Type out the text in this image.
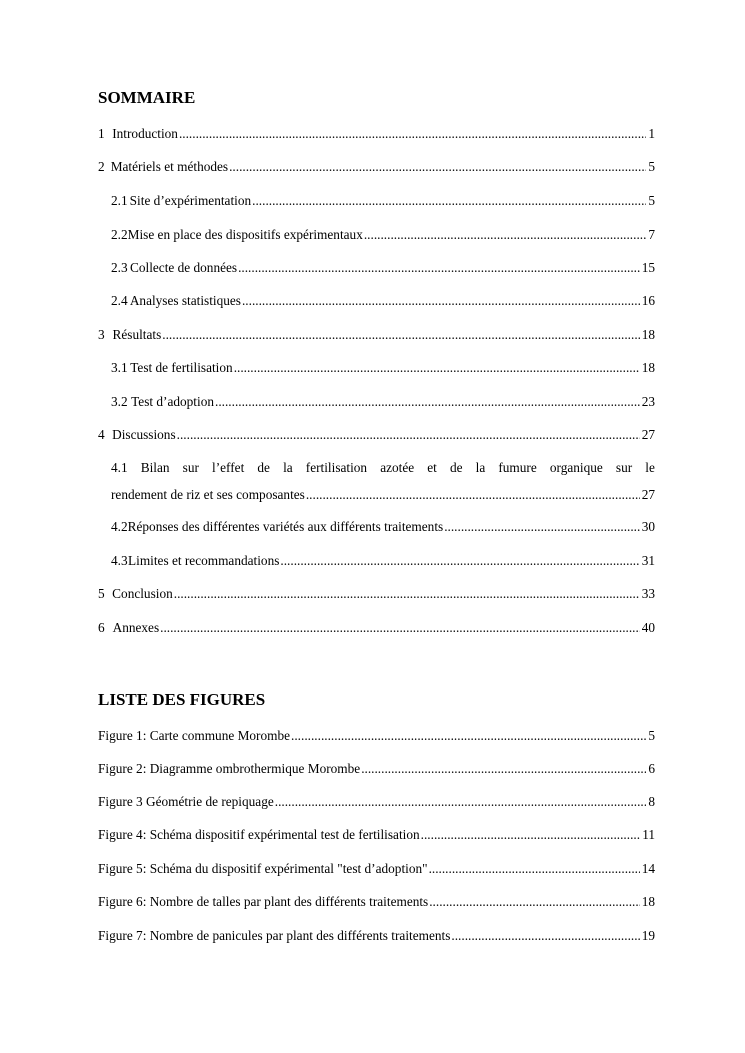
SOMMAIRE
1 Introduction .....	1
2 Matériels et méthodes .....	5
2.1 Site d’expérimentation .....	5
2.2 Mise en place des dispositifs expérimentaux .....	7
2.3 Collecte de données .....	15
2.4 Analyses statistiques .....	16
3 Résultats .....	18
3.1 Test de fertilisation .....	18
3.2 Test d’adoption .....	23
4 Discussions .....	27
4.1 Bilan sur l’effet de la fertilisation azotée et de la fumure organique sur le
rendement de riz et ses composantes .....	27
4.2 Réponses des différentes variétés aux différents traitements .....	30
4.3 Limites et recommandations .....	31
5 Conclusion .....	33
6 Annexes .....	40
LISTE DES FIGURES
Figure 1: Carte commune Morombe .....	5
Figure 2: Diagramme ombrothermique Morombe .....	6
Figure 3 Géométrie de repiquage .....	8
Figure 4: Schéma dispositif expérimental test de fertilisation .....	11
Figure 5: Schéma du dispositif expérimental "test d’adoption" .....	14
Figure 6: Nombre de talles par plant des différents traitements .....	18
Figure 7: Nombre de panicules par plant des différents traitements .....	19
